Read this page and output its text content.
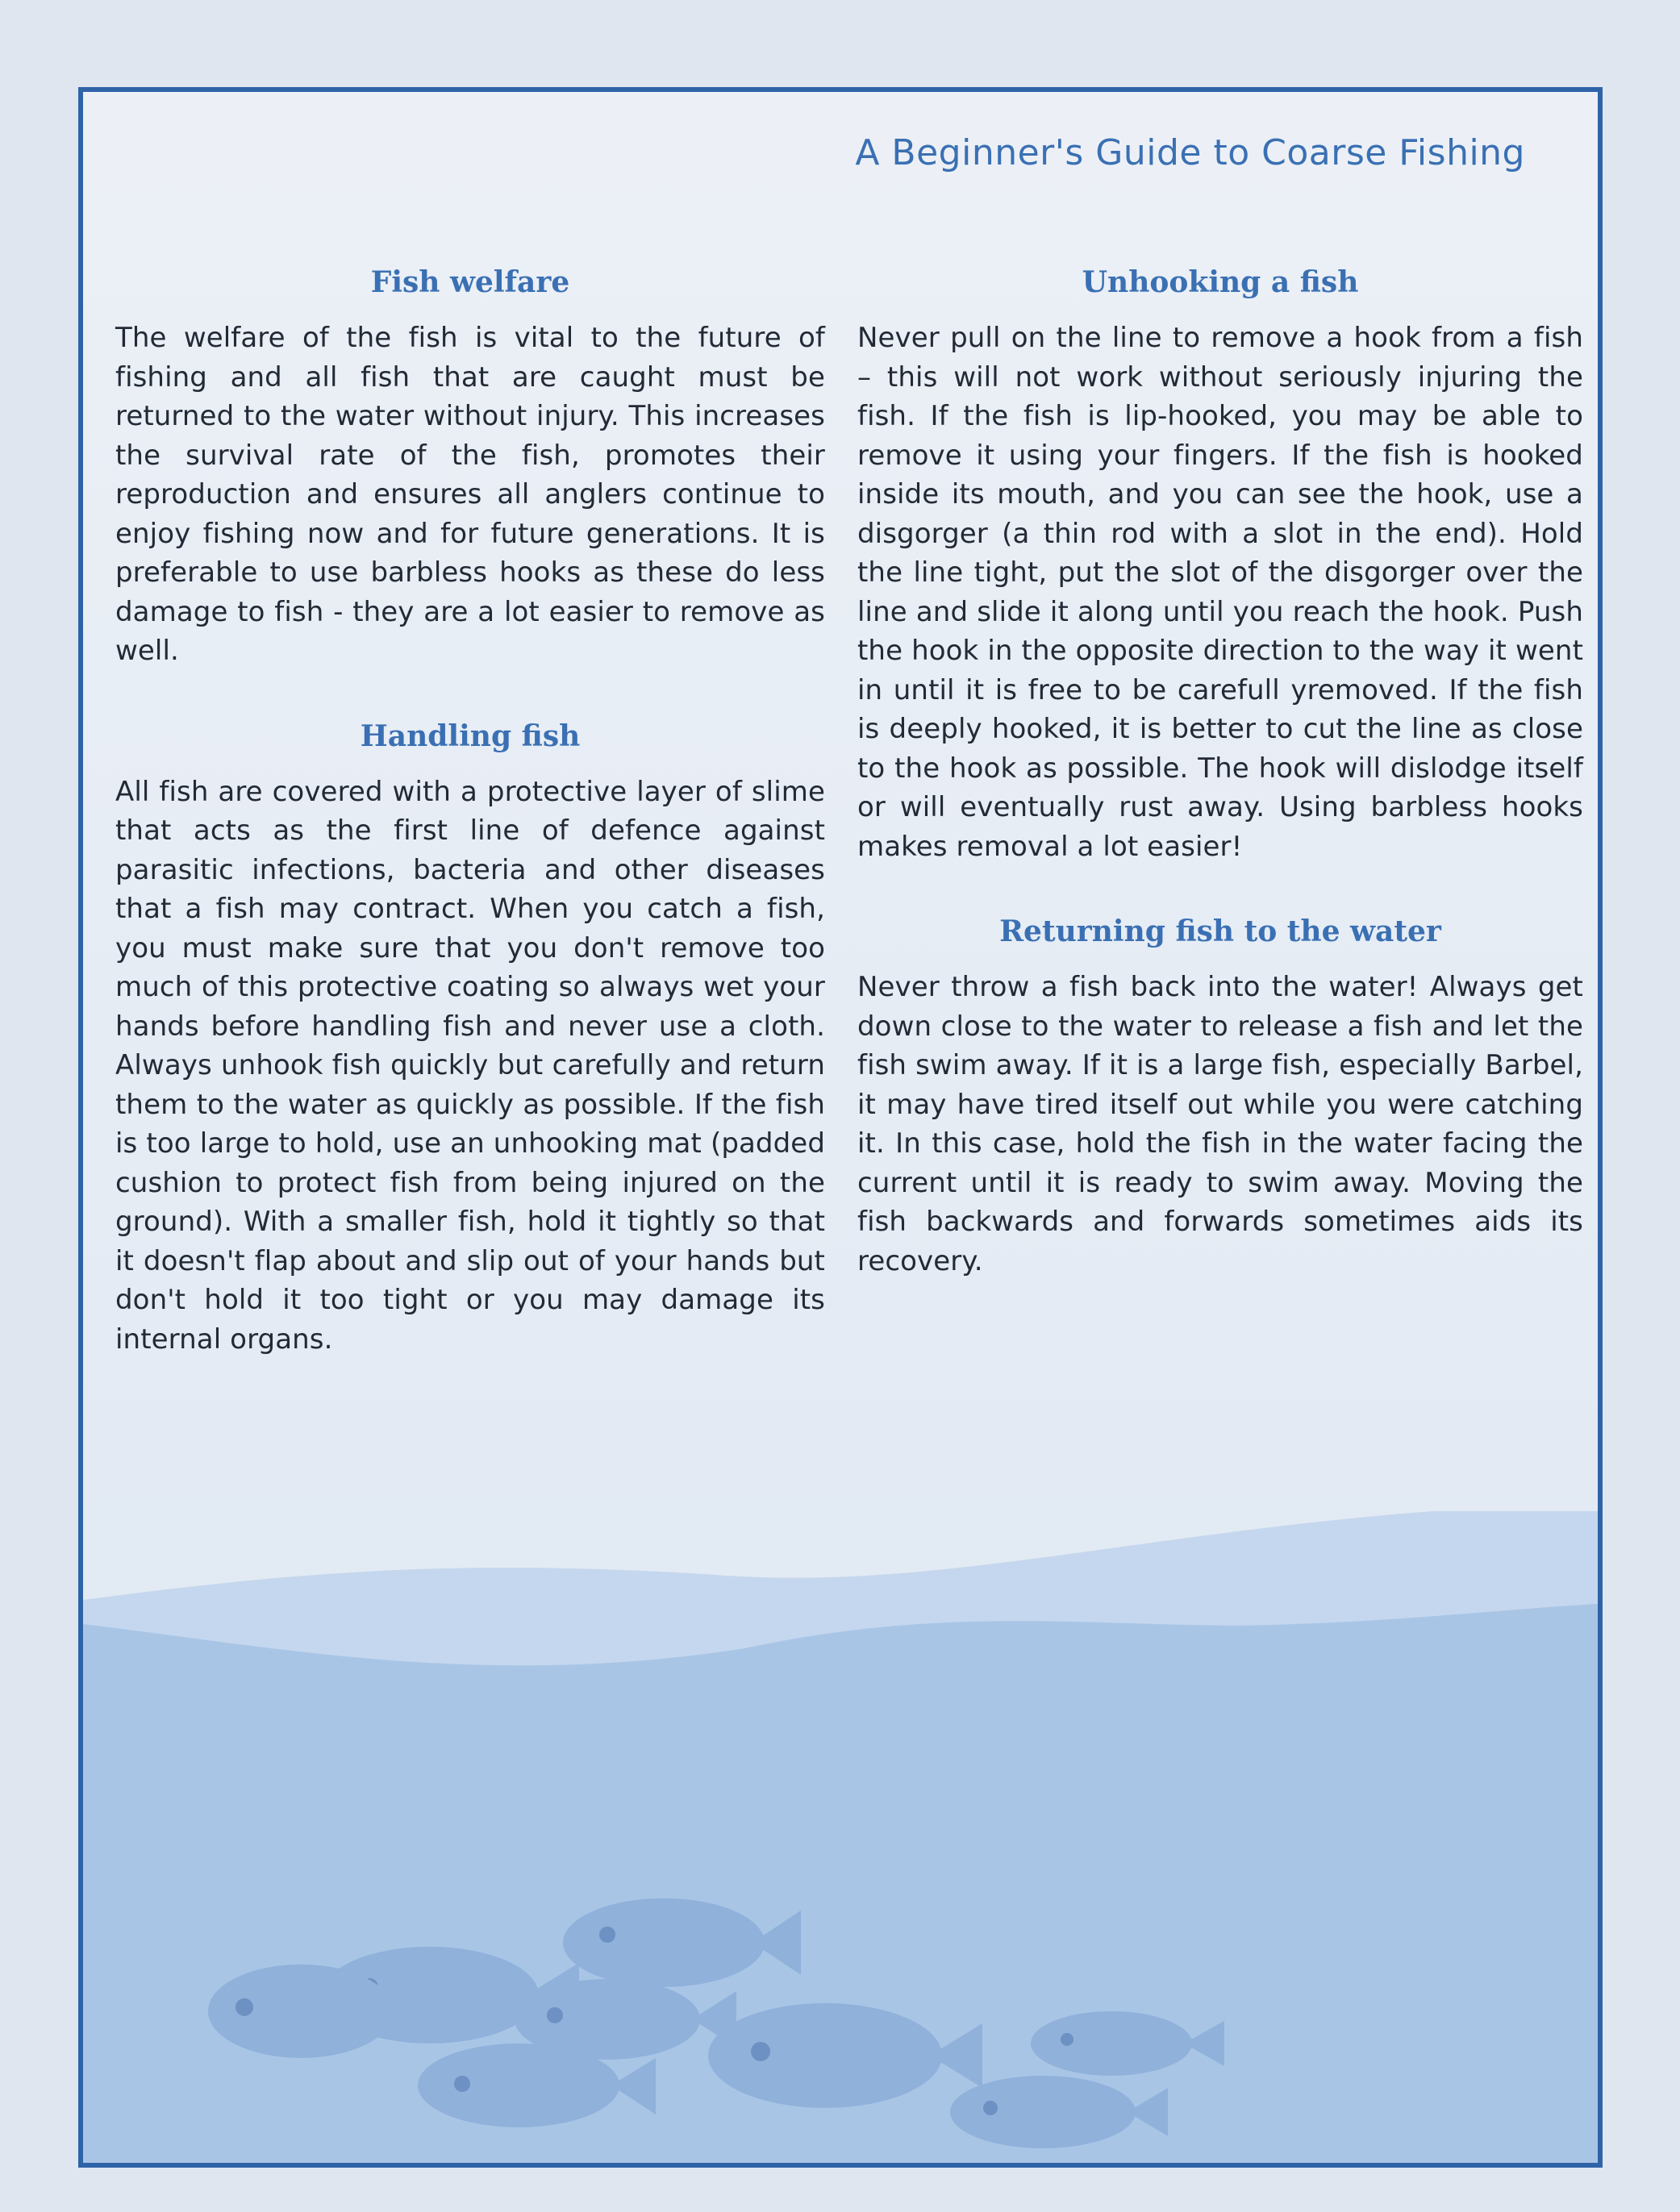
A Beginner's Guide to Coarse Fishing
Fish welfare

The welfare of the fish is vital to the future of fishing and all fish that are caught must be returned to the water without injury. This increases the survival rate of the fish, promotes their reproduction and ensures all anglers continue to enjoy fishing now and for future generations. It is preferable to use barbless hooks as these do less damage to fish - they are a lot easier to remove as well.

Handling fish

All fish are covered with a protective layer of slime that acts as the first line of defence against parasitic infections, bacteria and other diseases that a fish may contract. When you catch a fish, you must make sure that you don't remove too much of this protective coating so always wet your hands before handling fish and never use a cloth. Always unhook fish quickly but carefully and return them to the water as quickly as possible. If the fish is too large to hold, use an unhooking mat (padded cushion to protect fish from being injured on the ground). With a smaller fish, hold it tightly so that it doesn't flap about and slip out of your hands but don't hold it too tight or you may damage its internal organs.

Unhooking a fish

Never pull on the line to remove a hook from a fish – this will not work without seriously injuring the fish. If the fish is lip-hooked, you may be able to remove it using your fingers. If the fish is hooked inside its mouth, and you can see the hook, use a disgorger (a thin rod with a slot in the end). Hold the line tight, put the slot of the disgorger over the line and slide it along until you reach the hook. Push the hook in the opposite direction to the way it went in until it is free to be carefull yremoved. If the fish is deeply hooked, it is better to cut the line as close to the hook as possible. The hook will dislodge itself or will eventually rust away. Using barbless hooks makes removal a lot easier!

Returning fish to the water

Never throw a fish back into the water! Always get down close to the water to release a fish and let the fish swim away. If it is a large fish, especially Barbel, it may have tired itself out while you were catching it. In this case, hold the fish in the water facing the current until it is ready to swim away. Moving the fish backwards and forwards sometimes aids its recovery.
